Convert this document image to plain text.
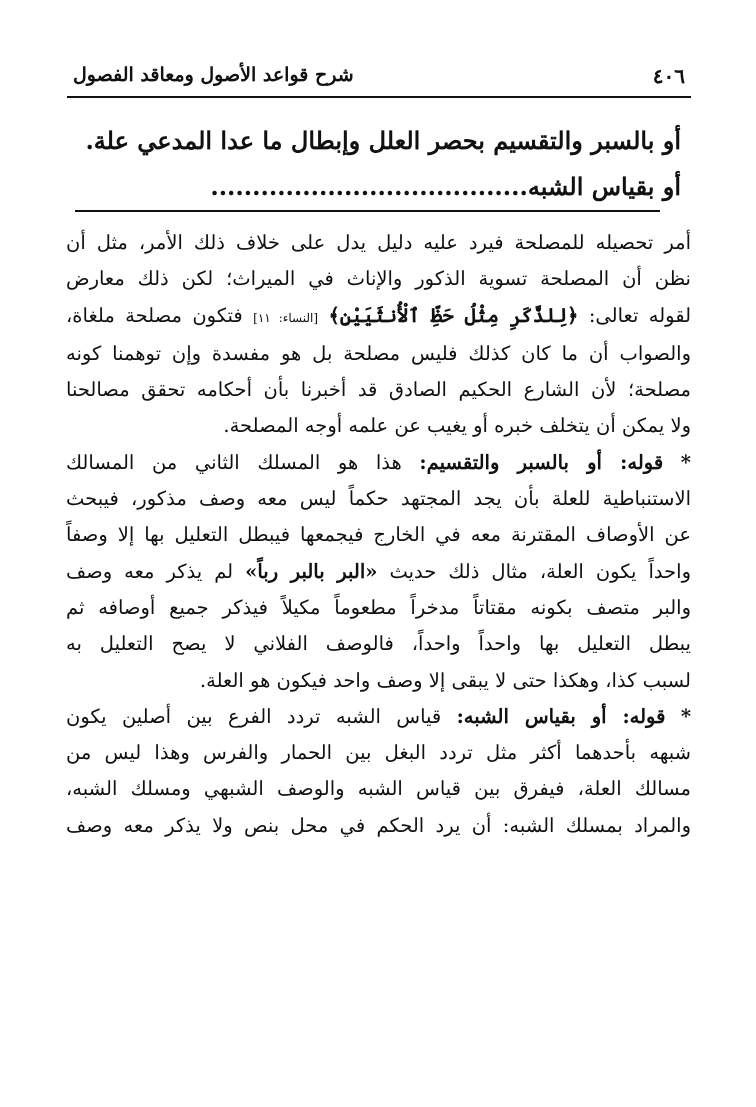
٤٠٦
شرح قواعد الأصول ومعاقد الفصول
أو بالسبر والتقسيم بحصر العلل وإبطال ما عدا المدعي علة.
أو بقياس الشبه......................................
أمر تحصيله للمصلحة فيرد عليه دليل يدل على خلاف ذلك الأمر، مثل أن
نظن أن المصلحة تسوية الذكور والإناث في الميراث؛ لكن ذلك معارض
لقوله تعالى: ﴿لِلذَّكَرِ مِثْلُ حَظِّ ٱلْأُنثَيَيْنِ﴾ [النساء: ١١] فتكون مصلحة ملغاة،
والصواب أن ما كان كذلك فليس مصلحة بل هو مفسدة وإن توهمنا كونه
مصلحة؛ لأن الشارع الحكيم الصادق قد أخبرنا بأن أحكامه تحقق مصالحنا
ولا يمكن أن يتخلف خبره أو يغيب عن علمه أوجه المصلحة.
* قوله: أو بالسبر والتقسيم: هذا هو المسلك الثاني من المسالك
الاستنباطية للعلة بأن يجد المجتهد حكماً ليس معه وصف مذكور، فيبحث
عن الأوصاف المقترنة معه في الخارج فيجمعها فيبطل التعليل بها إلا وصفاً
واحداً يكون العلة، مثال ذلك حديث «البر بالبر رباً» لم يذكر معه وصف
والبر متصف بكونه مقتاتاً مدخراً مطعوماً مكيلاً فيذكر جميع أوصافه ثم
يبطل التعليل بها واحداً واحداً، فالوصف الفلاني لا يصح التعليل به
لسبب كذا، وهكذا حتى لا يبقى إلا وصف واحد فيكون هو العلة.
* قوله: أو بقياس الشبه: قياس الشبه تردد الفرع بين أصلين يكون
شبهه بأحدهما أكثر مثل تردد البغل بين الحمار والفرس وهذا ليس من
مسالك العلة، فيفرق بين قياس الشبه والوصف الشبهي ومسلك الشبه،
والمراد بمسلك الشبه: أن يرد الحكم في محل بنص ولا يذكر معه وصف
